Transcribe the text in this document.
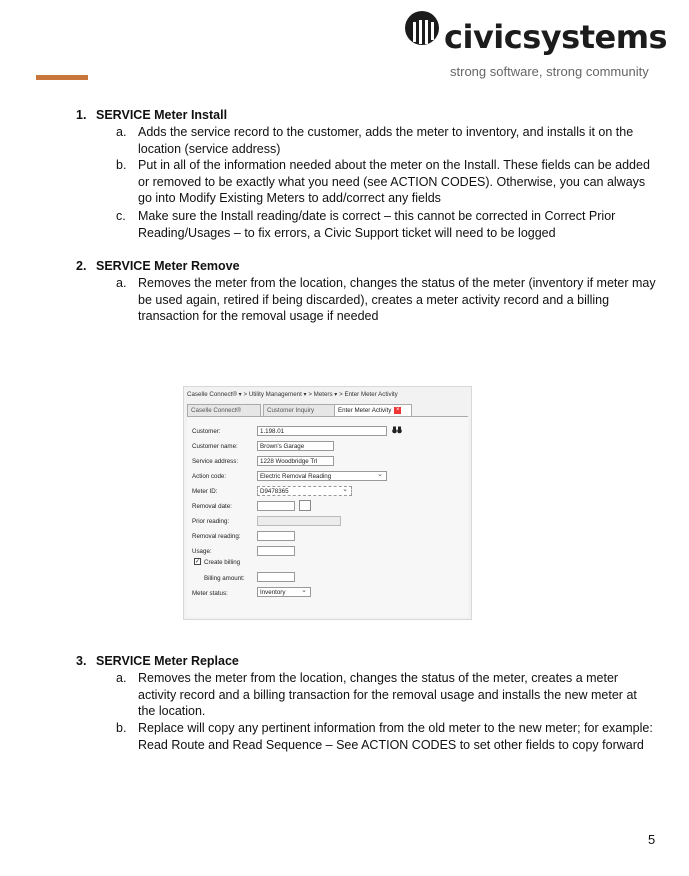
civicsystems
strong software, strong community
1. SERVICE Meter Install
a. Adds the service record to the customer, adds the meter to inventory, and installs it on the location (service address)
b. Put in all of the information needed about the meter on the Install. These fields can be added or removed to be exactly what you need (see ACTION CODES). Otherwise, you can always go into Modify Existing Meters to add/correct any fields
c. Make sure the Install reading/date is correct – this cannot be corrected in Correct Prior Reading/Usages – to fix errors, a Civic Support ticket will need to be logged
2. SERVICE Meter Remove
a. Removes the meter from the location, changes the status of the meter (inventory if meter may be used again, retired if being discarded), creates a meter activity record and a billing transaction for the removal usage if needed
3. SERVICE Meter Replace
a. Removes the meter from the location, changes the status of the meter, creates a meter activity record and a billing transaction for the removal usage and installs the new meter at the location.
b. Replace will copy any pertinent information from the old meter to the new meter; for example: Read Route and Read Sequence – See ACTION CODES to set other fields to copy forward
Caselle Connect® ▾ > Utility Management ▾ > Meters ▾ > Enter Meter Activity
Caselle Connect®	Customer Inquiry	Enter Meter Activity ×
Customer:	1.198.01
Customer name:	Brown's Garage
Service address:	1228 Woodbridge Trl
Action code:	Electric Removal Reading ⌄
Meter ID:	D9478365 ⌄
Removal date:
Prior reading:
Removal reading:
Usage:
✓ Create billing
Billing amount:
Meter status:	Inventory ⌄
5
